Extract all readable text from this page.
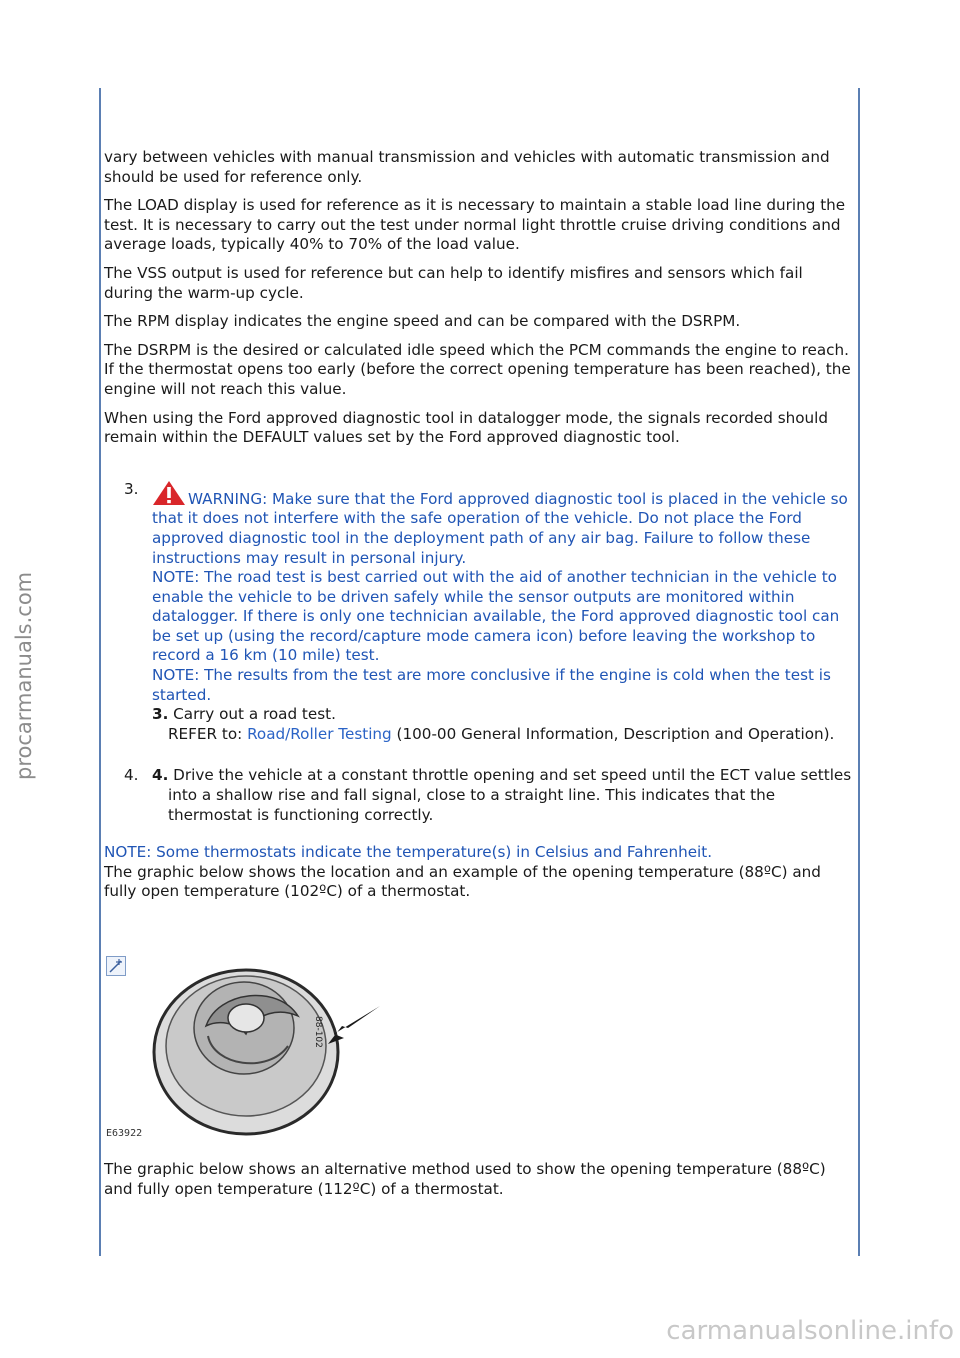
procarmanuals.com

vary between vehicles with manual transmission and vehicles with automatic transmission and should be used for reference only.

The LOAD display is used for reference as it is necessary to maintain a stable load line during the test. It is necessary to carry out the test under normal light throttle cruise driving conditions and average loads, typically 40% to 70% of the load value.

The VSS output is used for reference but can help to identify misfires and sensors which fail during the warm-up cycle.

The RPM display indicates the engine speed and can be compared with the DSRPM.

The DSRPM is the desired or calculated idle speed which the PCM commands the engine to reach. If the thermostat opens too early (before the correct opening temperature has been reached), the engine will not reach this value.

When using the Ford approved diagnostic tool in datalogger mode, the signals recorded should remain within the DEFAULT values set by the Ford approved diagnostic tool.

3.
WARNING: Make sure that the Ford approved diagnostic tool is placed in the vehicle so that it does not interfere with the safe operation of the vehicle. Do not place the Ford approved diagnostic tool in the deployment path of any air bag. Failure to follow these instructions may result in personal injury.
NOTE: The road test is best carried out with the aid of another technician in the vehicle to enable the vehicle to be driven safely while the sensor outputs are monitored within datalogger. If there is only one technician available, the Ford approved diagnostic tool can be set up (using the record/capture mode camera icon) before leaving the workshop to record a 16 km (10 mile) test.
NOTE: The results from the test are more conclusive if the engine is cold when the test is started.
3. Carry out a road test.
REFER to: Road/Roller Testing (100-00 General Information, Description and Operation).
4. 4. Drive the vehicle at a constant throttle opening and set speed until the ECT value settles into a shallow rise and fall signal, close to a straight line. This indicates that the thermostat is functioning correctly.
NOTE: Some thermostats indicate the temperature(s) in Celsius and Fahrenheit.
The graphic below shows the location and an example of the opening temperature (88ºC) and fully open temperature (102ºC) of a thermostat.
88-102
E63922
The graphic below shows an alternative method used to show the opening temperature (88ºC) and fully open temperature (112ºC) of a thermostat.
carmanualsonline.info
